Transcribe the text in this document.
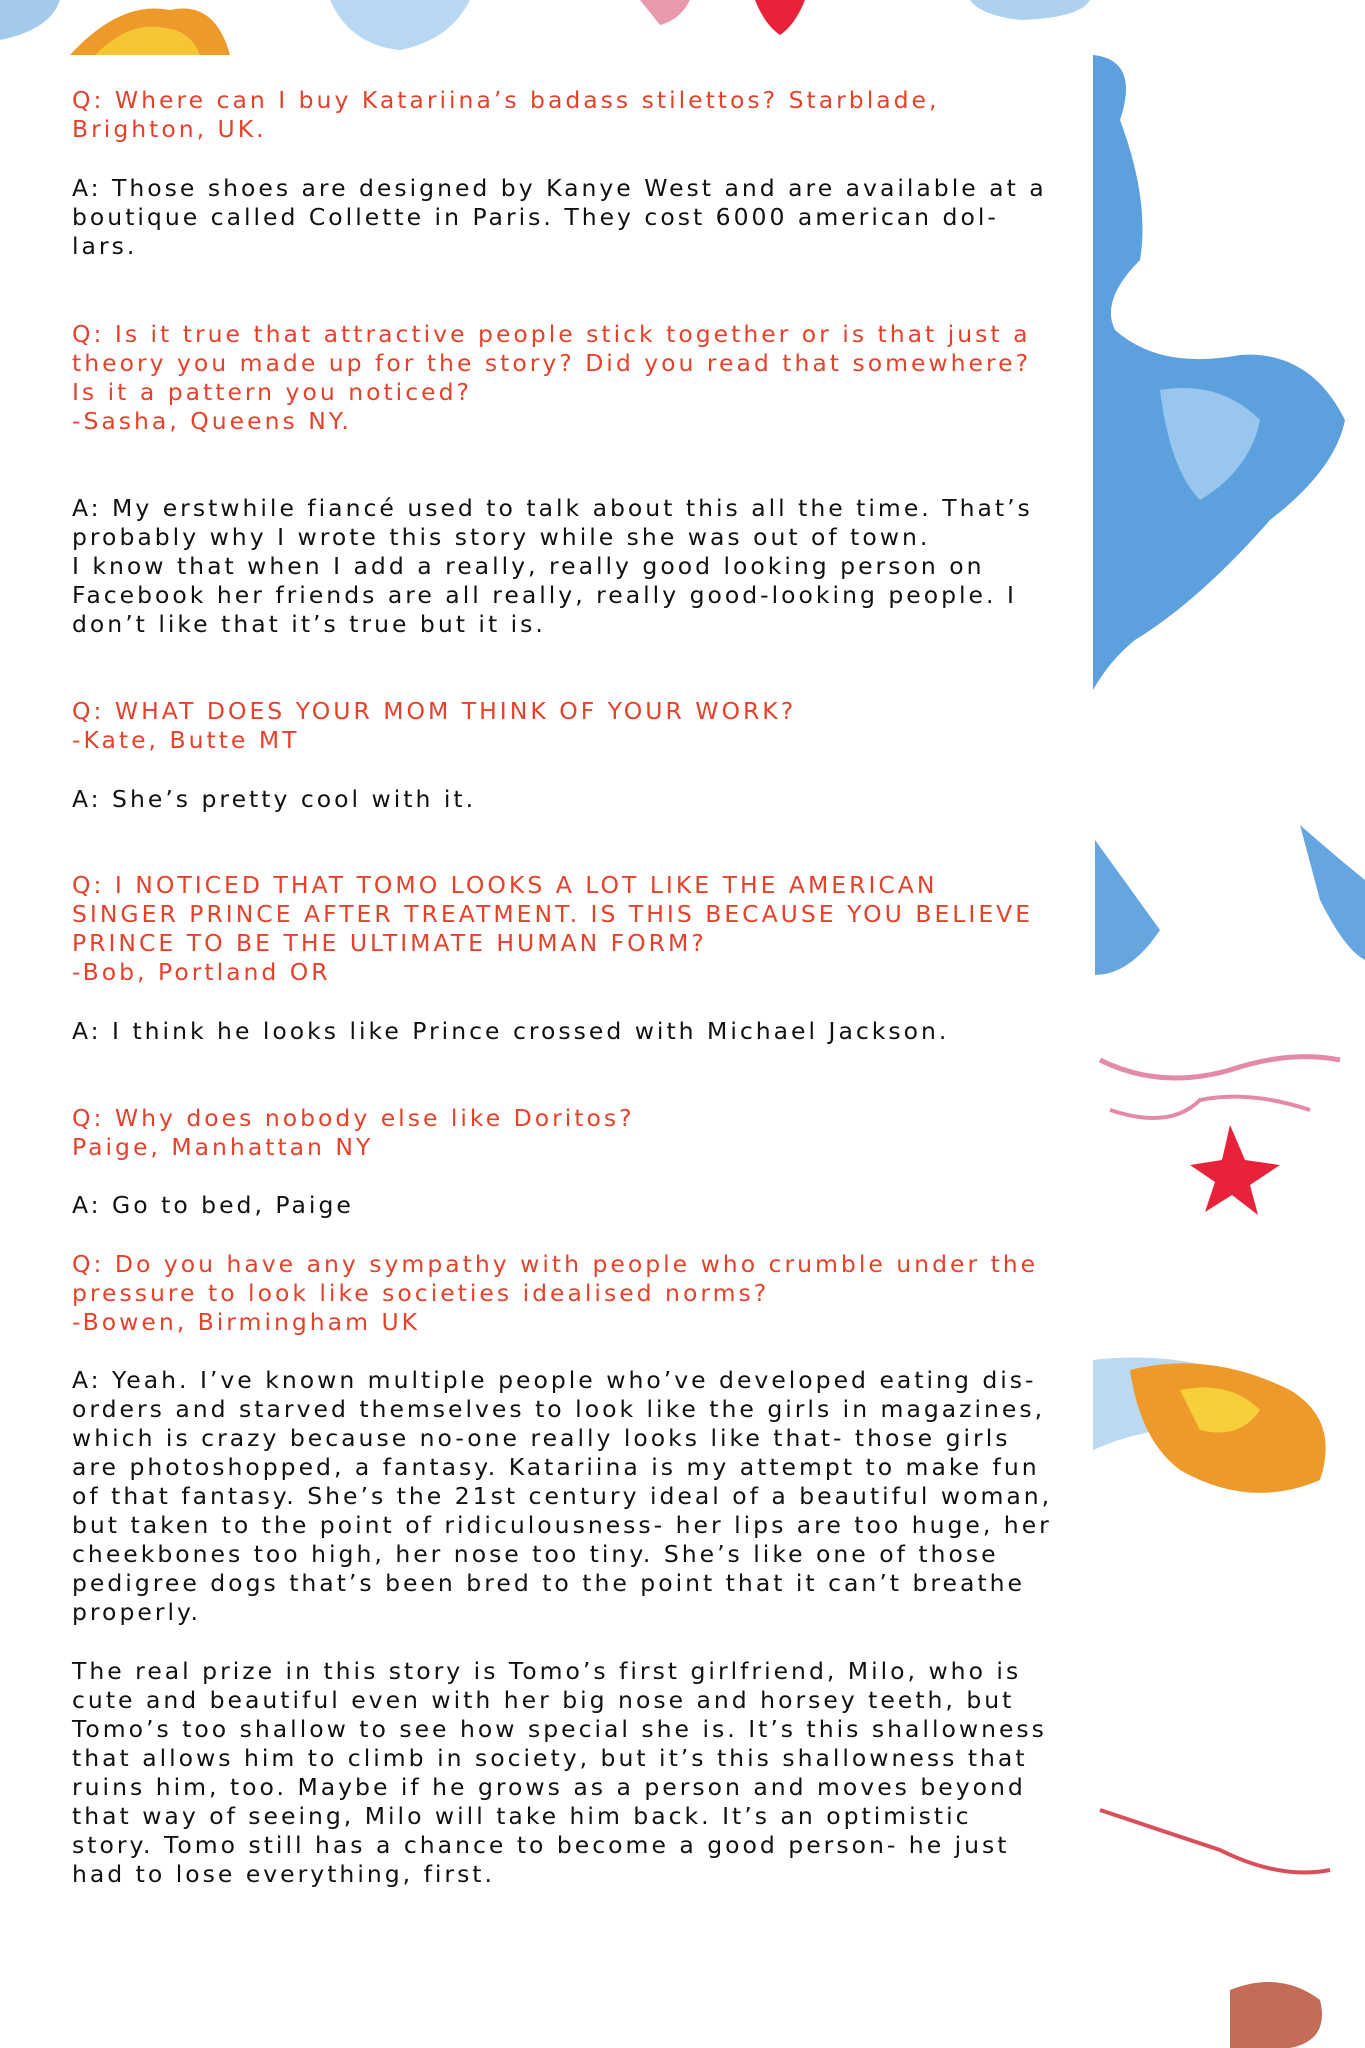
Q: Where can I buy Katariina’s badass stilettos? Starblade,
Brighton, UK.
A: Those shoes are designed by Kanye West and are available at a
boutique called Collette in Paris. They cost 6000 american dol-
lars.
Q: Is it true that attractive people stick together or is that just a
theory you made up for the story? Did you read that somewhere?
Is it a pattern you noticed?
-Sasha, Queens NY.
A: My erstwhile fiancé used to talk about this all the time. That’s
probably why I wrote this story while she was out of town.
I know that when I add a really, really good looking person on
Facebook her friends are all really, really good-looking people. I
don’t like that it’s true but it is.
Q: WHAT DOES YOUR MOM THINK OF YOUR WORK?
-Kate, Butte MT
A: She’s pretty cool with it.
Q: I NOTICED THAT TOMO LOOKS A LOT LIKE THE AMERICAN
SINGER PRINCE AFTER TREATMENT. IS THIS BECAUSE YOU BELIEVE
PRINCE TO BE THE ULTIMATE HUMAN FORM?
-Bob, Portland OR
A: I think he looks like Prince crossed with Michael Jackson.
Q: Why does nobody else like Doritos?
Paige, Manhattan NY
A: Go to bed, Paige
Q: Do you have any sympathy with people who crumble under the
pressure to look like societies idealised norms?
-Bowen, Birmingham UK
A: Yeah. I’ve known multiple people who’ve developed eating dis-
orders and starved themselves to look like the girls in magazines,
which is crazy because no-one really looks like that- those girls
are photoshopped, a fantasy. Katariina is my attempt to make fun
of that fantasy. She’s the 21st century ideal of a beautiful woman,
but taken to the point of ridiculousness- her lips are too huge, her
cheekbones too high, her nose too tiny. She’s like one of those
pedigree dogs that’s been bred to the point that it can’t breathe
properly.
The real prize in this story is Tomo’s first girlfriend, Milo, who is
cute and beautiful even with her big nose and horsey teeth, but
Tomo’s too shallow to see how special she is. It’s this shallowness
that allows him to climb in society, but it’s this shallowness that
ruins him, too. Maybe if he grows as a person and moves beyond
that way of seeing, Milo will take him back. It’s an optimistic
story. Tomo still has a chance to become a good person- he just
had to lose everything, first.
